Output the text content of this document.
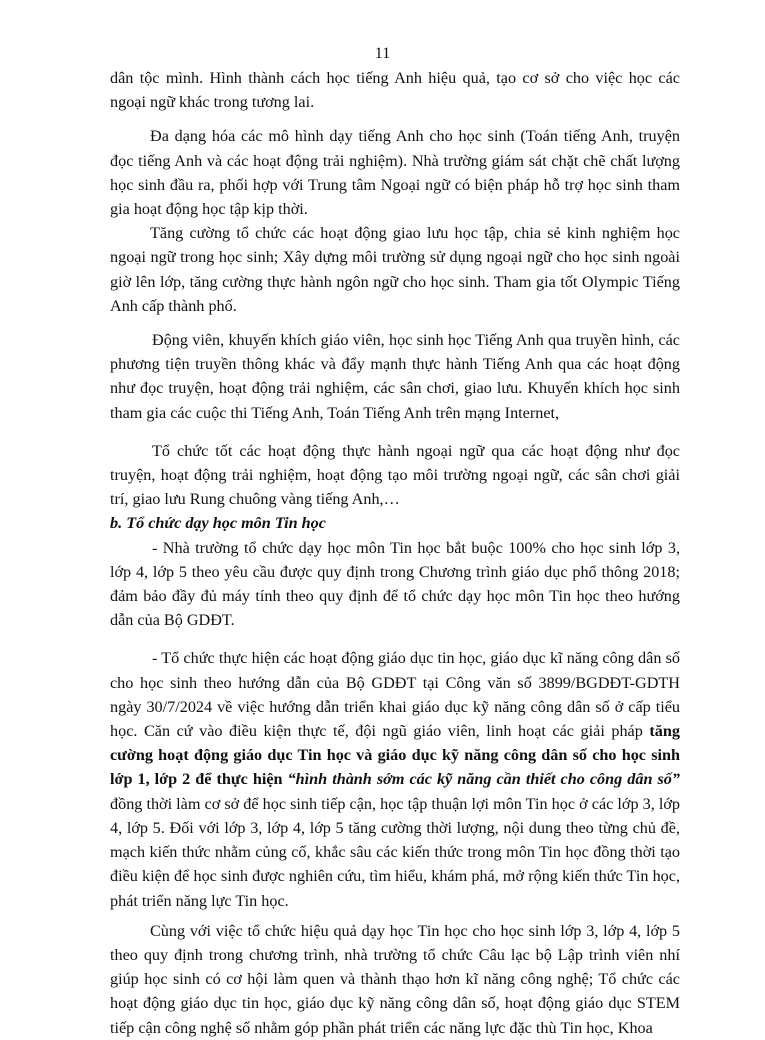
11

dân tộc mình. Hình thành cách học tiếng Anh hiệu quả, tạo cơ sở cho việc học các ngoại ngữ khác trong tương lai.

Đa dạng hóa các mô hình dạy tiếng Anh cho học sinh (Toán tiếng Anh, truyện đọc tiếng Anh và các hoạt động trải nghiệm). Nhà trường giám sát chặt chẽ chất lượng học sinh đầu ra, phối hợp với Trung tâm Ngoại ngữ có biện pháp hỗ trợ học sinh tham gia hoạt động học tập kịp thời.

Tăng cường tổ chức các hoạt động giao lưu học tập, chia sẻ kinh nghiệm học ngoại ngữ trong học sinh; Xây dựng môi trường sử dụng ngoại ngữ cho học sinh ngoài giờ lên lớp, tăng cường thực hành ngôn ngữ cho học sinh. Tham gia tốt Olympic Tiếng Anh cấp thành phố.

Động viên, khuyến khích giáo viên, học sinh học Tiếng Anh qua truyền hình, các phương tiện truyền thông khác và đẩy mạnh thực hành Tiếng Anh qua các hoạt động như đọc truyện, hoạt động trải nghiệm, các sân chơi, giao lưu. Khuyến khích học sinh tham gia các cuộc thi Tiếng Anh, Toán Tiếng Anh trên mạng Internet,

Tổ chức tốt các hoạt động thực hành ngoại ngữ qua các hoạt động như đọc truyện, hoạt động trải nghiệm, hoạt động tạo môi trường ngoại ngữ, các sân chơi giải trí, giao lưu Rung chuông vàng tiếng Anh,…

b. Tổ chức dạy học môn Tin học

- Nhà trường tổ chức dạy học môn Tin học bắt buộc 100% cho học sinh lớp 3, lớp 4, lớp 5 theo yêu cầu được quy định trong Chương trình giáo dục phổ thông 2018; đảm bảo đầy đủ máy tính theo quy định để tổ chức dạy học môn Tin học theo hướng dẫn của Bộ GDĐT.

- Tổ chức thực hiện các hoạt động giáo dục tin học, giáo dục kĩ năng công dân số cho học sinh theo hướng dẫn của Bộ GDĐT tại Công văn số 3899/BGDĐT-GDTH ngày 30/7/2024 về việc hướng dẫn triển khai giáo dục kỹ năng công dân số ở cấp tiểu học. Căn cứ vào điều kiện thực tế, đội ngũ giáo viên, linh hoạt các giải pháp tăng cường hoạt động giáo dục Tin học và giáo dục kỹ năng công dân số cho học sinh lớp 1, lớp 2 để thực hiện “hình thành sớm các kỹ năng cần thiết cho công dân số” đồng thời làm cơ sở để học sinh tiếp cận, học tập thuận lợi môn Tin học ở các lớp 3, lớp 4, lớp 5. Đối với lớp 3, lớp 4, lớp 5 tăng cường thời lượng, nội dung theo từng chủ đề, mạch kiến thức nhằm củng cố, khắc sâu các kiến thức trong môn Tin học đồng thời tạo điều kiện để học sinh được nghiên cứu, tìm hiểu, khám phá, mở rộng kiến thức Tin học, phát triển năng lực Tin học.

Cùng với việc tổ chức hiệu quả dạy học Tin học cho học sinh lớp 3, lớp 4, lớp 5 theo quy định trong chương trình, nhà trường tổ chức Câu lạc bộ Lập trình viên nhí giúp học sinh có cơ hội làm quen và thành thạo hơn kĩ năng công nghệ; Tổ chức các hoạt động giáo dục tin học, giáo dục kỹ năng công dân số, hoạt động giáo dục STEM tiếp cận công nghệ số nhằm góp phần phát triển các năng lực đặc thù Tin học, Khoa
